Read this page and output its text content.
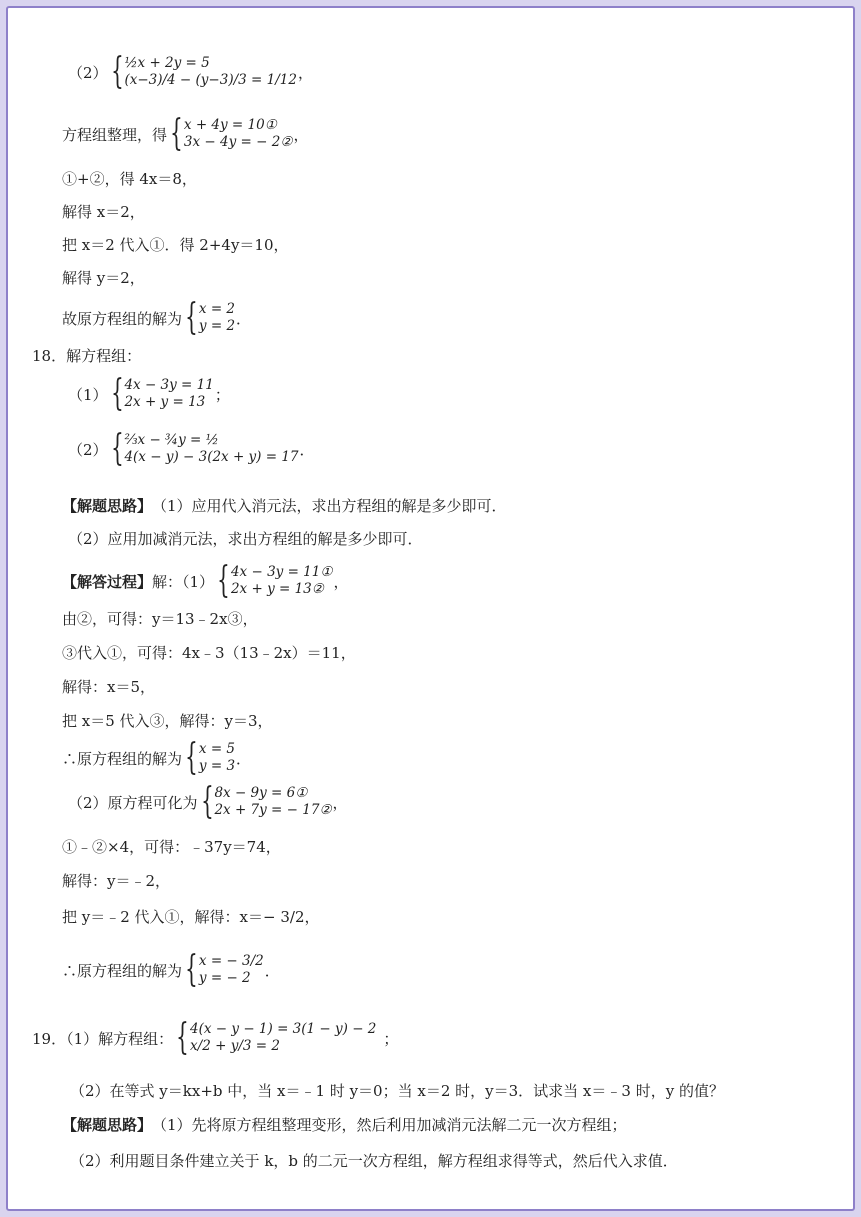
（2） { ½x + 2y = 5
(x−3)/4 − (y−3)/3 = 1/12 ，
方程组整理，得 { x + 4y = 10①
3x − 4y = − 2② ，
①+②，得 4x＝8，
解得 x＝2，
把 x＝2 代入①．得 2+4y＝10，
解得 y＝2，
故原方程组的解为 { x = 2
y = 2 ．
18．解方程组：
（1） { 4x − 3y = 11
2x + y = 13 ；
（2） { ⅔x − ¾y = ½
4(x − y) − 3(2x + y) = 17 ．
【解题思路】 （1）应用代入消元法，求出方程组的解是多少即可．
（2）应用加减消元法，求出方程组的解是多少即可．
【解答过程】 解：（1） { 4x − 3y = 11①
2x + y = 13② ，
由②，可得：y＝13﹣2x③，
③代入①，可得：4x﹣3（13﹣2x）＝11，
解得：x＝5，
把 x＝5 代入③，解得：y＝3，
∴原方程组的解为 { x = 5
y = 3 ．
（2）原方程可化为 { 8x − 9y = 6①
2x + 7y = − 17② ，
①﹣②×4，可得：﹣37y＝74，
解得：y＝﹣2，
把 y＝﹣2 代入①，解得：x＝− 3/2，
∴原方程组的解为 { x = − 3/2
y = − 2 ．
19．（1）解方程组： { 4(x − y − 1) = 3(1 − y) − 2
x/2 + y/3 = 2	；
（2）在等式 y＝kx+b 中，当 x＝﹣1 时 y＝0；当 x＝2 时，y＝3．试求当 x＝﹣3 时，y 的值？
【解题思路】 （1）先将原方程组整理变形，然后利用加减消元法解二元一次方程组；
（2）利用题目条件建立关于 k，b 的二元一次方程组，解方程组求得等式，然后代入求值．
